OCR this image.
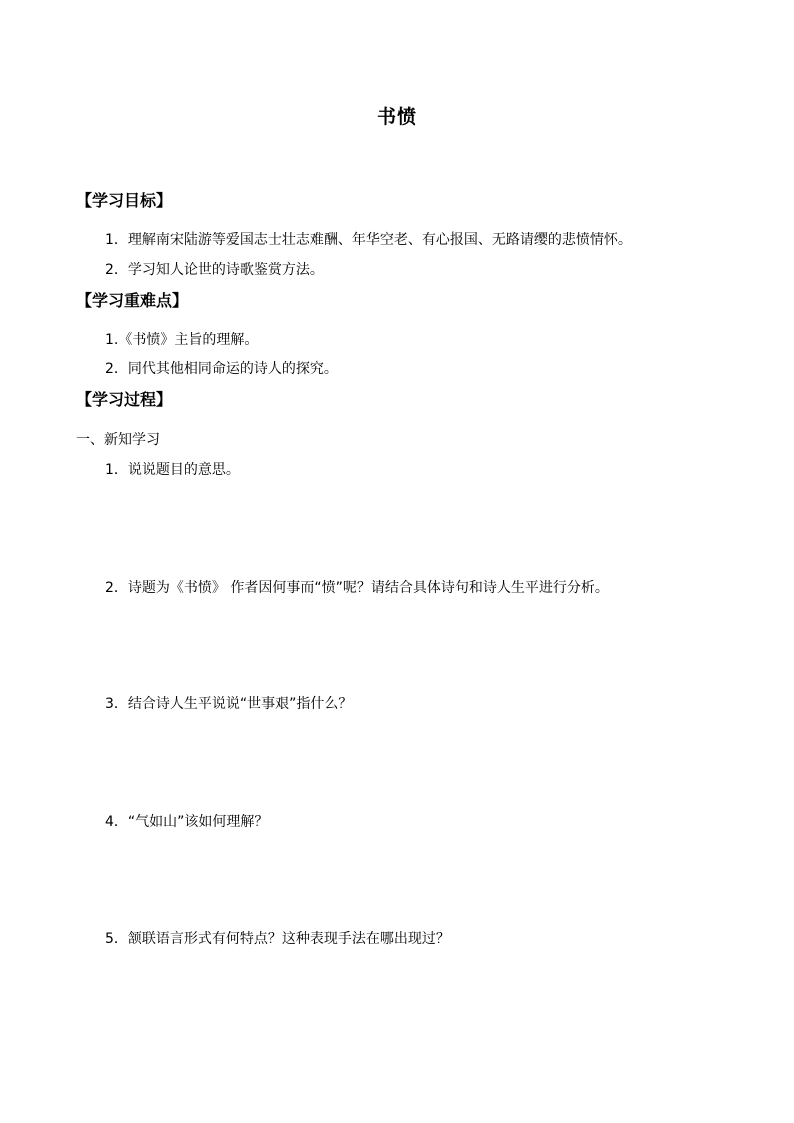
书愤
【学习目标】
1．理解南宋陆游等爱国志士壮志难酬、年华空老、有心报国、无路请缨的悲愤情怀。
2．学习知人论世的诗歌鉴赏方法。
【学习重难点】
1.《书愤》主旨的理解。
2．同代其他相同命运的诗人的探究。
【学习过程】
一、新知学习
1．说说题目的意思。
2．诗题为《书愤》 作者因何事而“愤”呢？请结合具体诗句和诗人生平进行分析。
3．结合诗人生平说说“世事艰”指什么？
4．“气如山”该如何理解？
5．颔联语言形式有何特点？这种表现手法在哪出现过？
